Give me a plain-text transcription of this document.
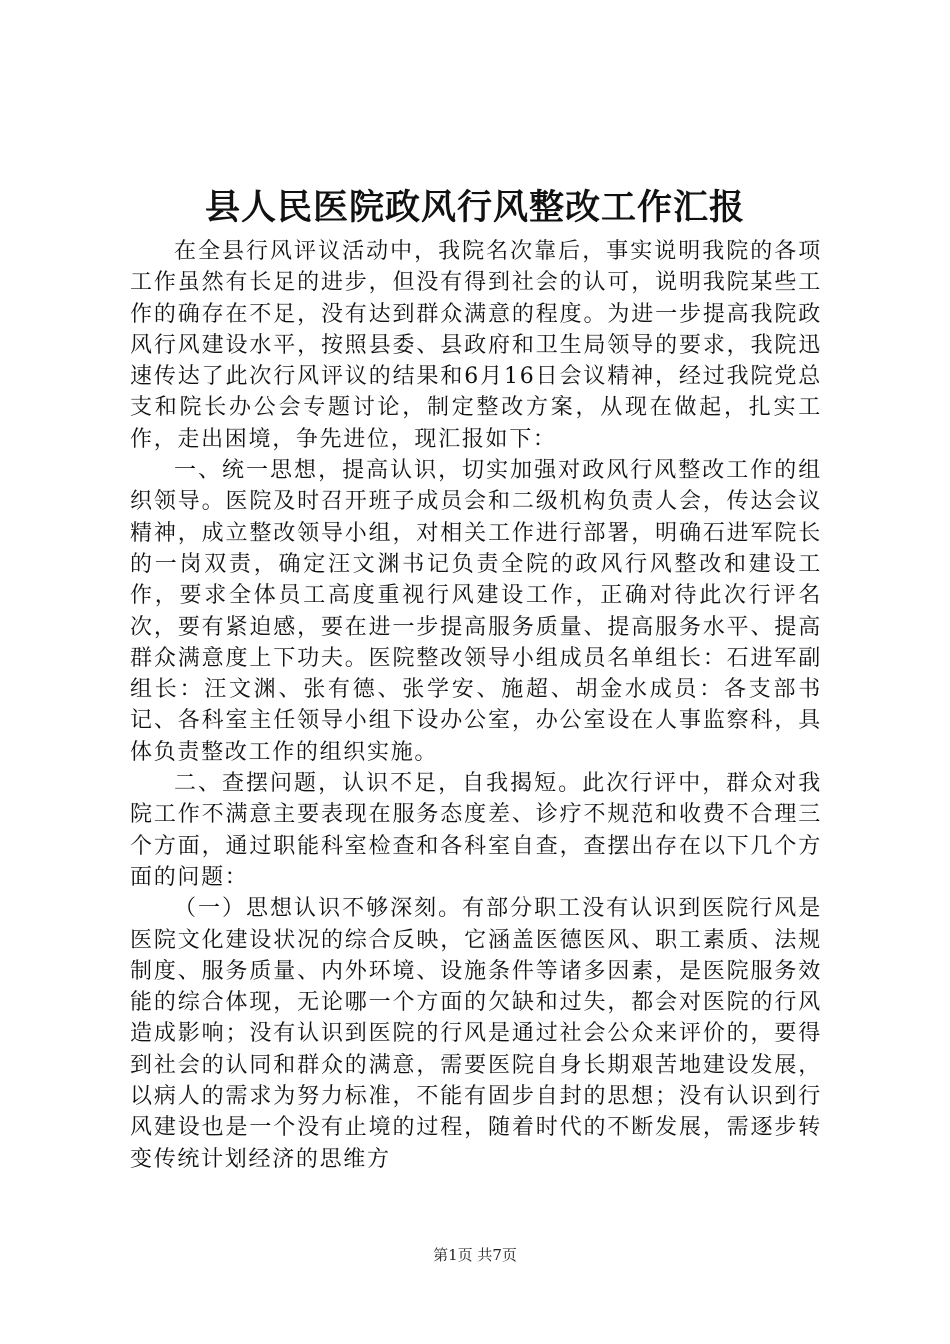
县人民医院政风行风整改工作汇报

在全县行风评议活动中，我院名次靠后，事实说明我院的各项工作虽然有长足的进步，但没有得到社会的认可，说明我院某些工作的确存在不足，没有达到群众满意的程度。为进一步提高我院政风行风建设水平，按照县委、县政府和卫生局领导的要求，我院迅速传达了此次行风评议的结果和6月16日会议精神，经过我院党总支和院长办公会专题讨论，制定整改方案，从现在做起，扎实工作，走出困境，争先进位，现汇报如下：

一、统一思想，提高认识，切实加强对政风行风整改工作的组织领导。医院及时召开班子成员会和二级机构负责人会，传达会议精神，成立整改领导小组，对相关工作进行部署，明确石进军院长的一岗双责，确定汪文渊书记负责全院的政风行风整改和建设工作，要求全体员工高度重视行风建设工作，正确对待此次行评名次，要有紧迫感，要在进一步提高服务质量、提高服务水平、提高群众满意度上下功夫。医院整改领导小组成员名单组长：石进军副组长：汪文渊、张有德、张学安、施超、胡金水成员：各支部书记、各科室主任领导小组下设办公室，办公室设在人事监察科，具体负责整改工作的组织实施。

二、查摆问题，认识不足，自我揭短。此次行评中，群众对我院工作不满意主要表现在服务态度差、诊疗不规范和收费不合理三个方面，通过职能科室检查和各科室自查，查摆出存在以下几个方面的问题：

（一）思想认识不够深刻。有部分职工没有认识到医院行风是医院文化建设状况的综合反映，它涵盖医德医风、职工素质、法规制度、服务质量、内外环境、设施条件等诸多因素，是医院服务效能的综合体现，无论哪一个方面的欠缺和过失，都会对医院的行风造成影响；没有认识到医院的行风是通过社会公众来评价的，要得到社会的认同和群众的满意，需要医院自身长期艰苦地建设发展，以病人的需求为努力标准，不能有固步自封的思想；没有认识到行风建设也是一个没有止境的过程，随着时代的不断发展，需逐步转变传统计划经济的思维方

第1页 共7页
